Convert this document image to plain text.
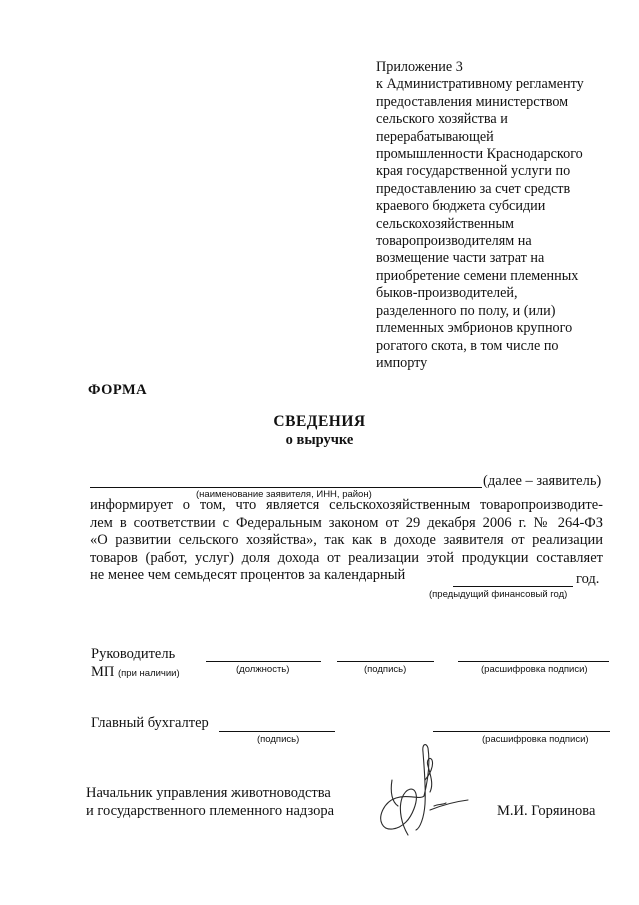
Приложение 3
к Административному регламенту
предоставления министерством
сельского хозяйства и
перерабатывающей
промышленности Краснодарского
края государственной услуги по
предоставлению за счет средств
краевого бюджета субсидии
сельскохозяйственным
товаропроизводителям на
возмещение части затрат на
приобретение семени племенных
быков-производителей,
разделенного по полу, и (или)
племенных эмбрионов крупного
рогатого скота, в том числе по
импорту
ФОРМА
СВЕДЕНИЯ
о выручке
(далее – заявитель)
(наименование заявителя, ИНН, район)
информирует о том, что является сельскохозяйственным товаропроизводите-
лем в соответствии с Федеральным законом от 29 декабря 2006 г. № 264-ФЗ
«О развитии сельского хозяйства», так как в доходе заявителя от реализации
товаров (работ, услуг) доля дохода от реализации этой продукции составляет
не менее чем семьдесят процентов за календарный	год.
(предыдущий финансовый год)
Руководитель
МП (при наличии)	(должность)	(подпись)	(расшифровка подписи)
Главный бухгалтер
(подпись)	(расшифровка подписи)
Начальник управления животноводства
и государственного племенного надзора	М.И. Горяинова
